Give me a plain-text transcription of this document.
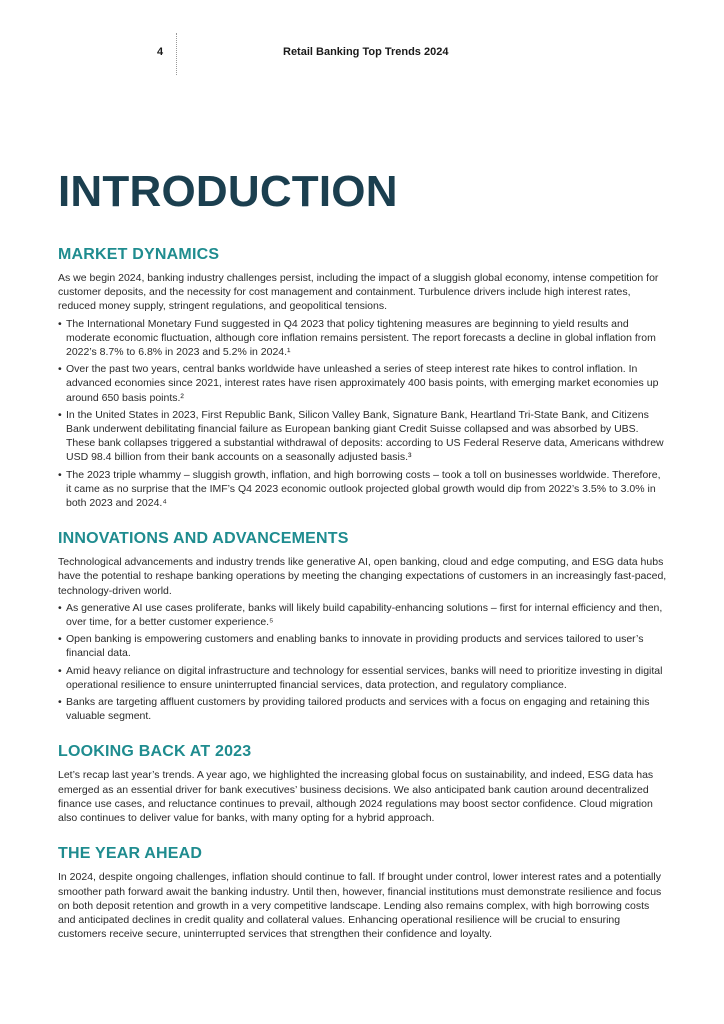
4	Retail Banking Top Trends 2024
INTRODUCTION
MARKET DYNAMICS

As we begin 2024, banking industry challenges persist, including the impact of a sluggish global economy, intense competition for customer deposits, and the necessity for cost management and containment. Turbulence drivers include high interest rates, reduced money supply, stringent regulations, and geopolitical tensions.

• The International Monetary Fund suggested in Q4 2023 that policy tightening measures are beginning to yield results and moderate economic fluctuation, although core inflation remains persistent. The report forecasts a decline in global inflation from 2022’s 8.7% to 6.8% in 2023 and 5.2% in 2024.¹
• Over the past two years, central banks worldwide have unleashed a series of steep interest rate hikes to control inflation. In advanced economies since 2021, interest rates have risen approximately 400 basis points, with emerging market economies up around 650 basis points.²
• In the United States in 2023, First Republic Bank, Silicon Valley Bank, Signature Bank, Heartland Tri-State Bank, and Citizens Bank underwent debilitating financial failure as European banking giant Credit Suisse collapsed and was absorbed by UBS. These bank collapses triggered a substantial withdrawal of deposits: according to US Federal Reserve data, Americans withdrew USD 98.4 billion from their bank accounts on a seasonally adjusted basis.³
• The 2023 triple whammy – sluggish growth, inflation, and high borrowing costs – took a toll on businesses worldwide. Therefore, it came as no surprise that the IMF’s Q4 2023 economic outlook projected global growth would dip from 2022’s 3.5% to 3.0% in both 2023 and 2024.⁴
INNOVATIONS AND ADVANCEMENTS

Technological advancements and industry trends like generative AI, open banking, cloud and edge computing, and ESG data hubs have the potential to reshape banking operations by meeting the changing expectations of customers in an increasingly fast-paced, technology-driven world.

• As generative AI use cases proliferate, banks will likely build capability-enhancing solutions – first for internal efficiency and then, over time, for a better customer experience.⁵
• Open banking is empowering customers and enabling banks to innovate in providing products and services tailored to user’s financial data.
• Amid heavy reliance on digital infrastructure and technology for essential services, banks will need to prioritize investing in digital operational resilience to ensure uninterrupted financial services, data protection, and regulatory compliance.
• Banks are targeting affluent customers by providing tailored products and services with a focus on engaging and retaining this valuable segment.
LOOKING BACK AT 2023

Let’s recap last year’s trends. A year ago, we highlighted the increasing global focus on sustainability, and indeed, ESG data has emerged as an essential driver for bank executives’ business decisions. We also anticipated bank caution around decentralized finance use cases, and reluctance continues to prevail, although 2024 regulations may boost sector confidence. Cloud migration also continues to deliver value for banks, with many opting for a hybrid approach.

THE YEAR AHEAD

In 2024, despite ongoing challenges, inflation should continue to fall. If brought under control, lower interest rates and a potentially smoother path forward await the banking industry. Until then, however, financial institutions must demonstrate resilience and focus on both deposit retention and growth in a very competitive landscape. Lending also remains complex, with high borrowing costs and anticipated declines in credit quality and collateral values. Enhancing operational resilience will be crucial to ensuring customers receive secure, uninterrupted services that strengthen their confidence and loyalty.
